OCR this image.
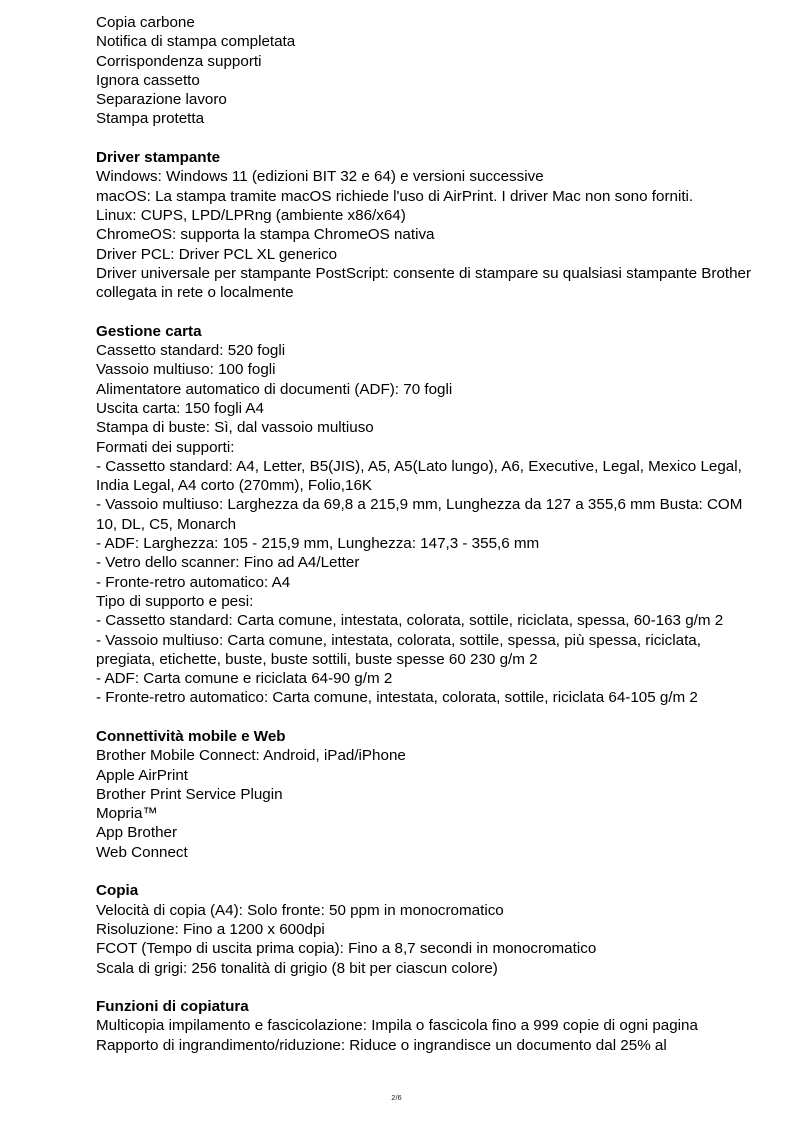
Copia carbone
Notifica di stampa completata
Corrispondenza supporti
Ignora cassetto
Separazione lavoro
Stampa protetta
Driver stampante
Windows: Windows 11 (edizioni BIT 32 e 64) e versioni successive
macOS: La stampa tramite macOS richiede l'uso di AirPrint. I driver Mac non sono forniti.
Linux: CUPS, LPD/LPRng (ambiente x86/x64)
ChromeOS: supporta la stampa ChromeOS nativa
Driver PCL: Driver PCL XL generico
Driver universale per stampante PostScript: consente di stampare su qualsiasi stampante Brother collegata in rete o localmente
Gestione carta
Cassetto standard: 520 fogli
Vassoio multiuso: 100 fogli
Alimentatore automatico di documenti (ADF): 70 fogli
Uscita carta: 150 fogli A4
Stampa di buste: Sì, dal vassoio multiuso
Formati dei supporti:
- Cassetto standard: A4, Letter, B5(JIS), A5, A5(Lato lungo), A6, Executive, Legal, Mexico Legal, India Legal, A4 corto (270mm), Folio,16K
- Vassoio multiuso: Larghezza da 69,8 a 215,9 mm, Lunghezza da 127 a 355,6 mm Busta: COM 10, DL, C5, Monarch
- ADF: Larghezza: 105 - 215,9 mm, Lunghezza: 147,3 - 355,6 mm
- Vetro dello scanner: Fino ad A4/Letter
- Fronte-retro automatico: A4
Tipo di supporto e pesi:
- Cassetto standard: Carta comune, intestata, colorata, sottile, riciclata, spessa, 60-163 g/m 2
- Vassoio multiuso: Carta comune, intestata, colorata, sottile, spessa, più spessa, riciclata, pregiata, etichette, buste, buste sottili, buste spesse 60 230 g/m 2
- ADF: Carta comune e riciclata 64-90 g/m 2
- Fronte-retro automatico: Carta comune, intestata, colorata, sottile, riciclata 64-105 g/m 2
Connettività mobile e Web
Brother Mobile Connect: Android, iPad/iPhone
Apple AirPrint
Brother Print Service Plugin
Mopria™
App Brother
Web Connect
Copia
Velocità di copia (A4): Solo fronte: 50 ppm in monocromatico
Risoluzione: Fino a 1200 x 600dpi
FCOT (Tempo di uscita prima copia): Fino a 8,7 secondi in monocromatico
Scala di grigi: 256 tonalità di grigio (8 bit per ciascun colore)
Funzioni di copiatura
Multicopia impilamento e fascicolazione: Impila o fascicola fino a 999 copie di ogni pagina
Rapporto di ingrandimento/riduzione: Riduce o ingrandisce un documento dal 25% al
2/6
